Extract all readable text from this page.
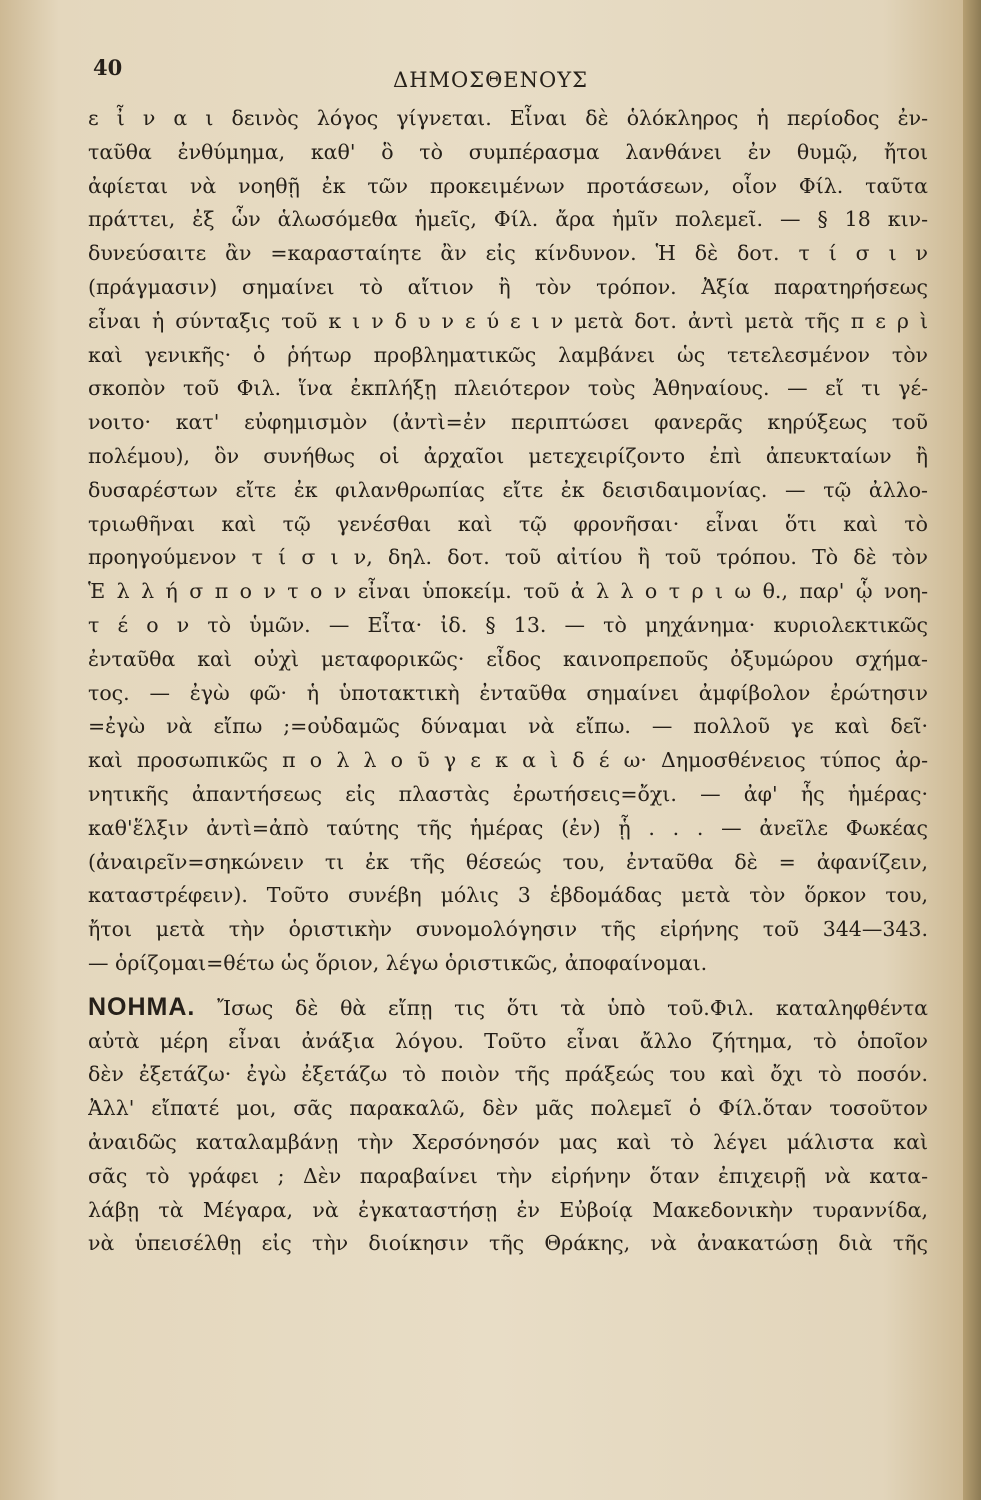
40	ΔΗΜΟΣΘΕΝΟΥΣ
ε ἶ ν α ι δεινὸς λόγος γίγνεται. Εἶναι δὲ ὁλόκληρος ἡ περίοδος ἐν-
ταῦθα ἐνθύμημα, καθ' ὃ τὸ συμπέρασμα λανθάνει ἐν θυμῷ, ἤτοι
ἀφίεται νὰ νοηθῇ ἐκ τῶν προκειμένων προτάσεων, οἷον Φίλ. ταῦτα
πράττει, ἐξ ὧν ἁλωσόμεθα ἡμεῖς, Φίλ. ἄρα ἡμῖν πολεμεῖ. — § 18 κιν-
δυνεύσαιτε ἂν =καρασταίητε ἂν εἰς κίνδυνον. Ἡ δὲ δοτ. τ ί σ ι ν
(πράγμασιν) σημαίνει τὸ αἴτιον ἢ τὸν τρόπον. Ἀξία παρατηρήσεως
εἶναι ἡ σύνταξις τοῦ κ ι ν δ υ ν ε ύ ε ι ν μετὰ δοτ. ἀντὶ μετὰ τῆς π ε ρ ὶ
καὶ γενικῆς· ὁ ῥήτωρ προβληματικῶς λαμβάνει ὡς τετελεσμένον τὸν
σκοπὸν τοῦ Φιλ. ἵνα ἐκπλήξῃ πλειότερον τοὺς Ἀθηναίους. — εἴ τι γέ-
νοιτο· κατ' εὐφημισμὸν (ἀντὶ=ἐν περιπτώσει φανερᾶς κηρύξεως τοῦ
πολέμου), ὃν συνήθως οἱ ἀρχαῖοι μετεχειρίζοντο ἐπὶ ἀπευκταίων ἢ
δυσαρέστων εἴτε ἐκ φιλανθρωπίας εἴτε ἐκ δεισιδαιμονίας. — τῷ ἀλλο-
τριωθῆναι καὶ τῷ γενέσθαι καὶ τῷ φρονῆσαι· εἶναι ὅτι καὶ τὸ
προηγούμενον τ ί σ ι ν, δηλ. δοτ. τοῦ αἰτίου ἢ τοῦ τρόπου. Τὸ δὲ τὸν
Ἑ λ λ ή σ π ο ν τ ο ν εἶναι ὑποκείμ. τοῦ ἀ λ λ ο τ ρ ι ω θ., παρ' ᾧ νοη-
τ έ ο ν τὸ ὑμῶν. — Εἶτα· ἰδ. § 13. — τὸ μηχάνημα· κυριολεκτικῶς
ἐνταῦθα καὶ οὐχὶ μεταφορικῶς· εἶδος καινοπρεποῦς ὀξυμώρου σχήμα-
τος. — ἐγὼ φῶ· ἡ ὑποτακτικὴ ἐνταῦθα σημαίνει ἀμφίβολον ἐρώτησιν
=ἐγὼ νὰ εἴπω ;=οὐδαμῶς δύναμαι νὰ εἴπω. — πολλοῦ γε καὶ δεῖ·
καὶ προσωπικῶς π ο λ λ ο ῦ γ ε κ α ὶ δ έ ω· Δημοσθένειος τύπος ἀρ-
νητικῆς ἀπαντήσεως εἰς πλαστὰς ἐρωτήσεις=ὄχι. — ἀφ' ἧς ἡμέρας·
καθ'ἕλξιν ἀντὶ=ἀπὸ ταύτης τῆς ἡμέρας (ἐν) ᾗ . . . — ἀνεῖλε Φωκέας
(ἀναιρεῖν=σηκώνειν τι ἐκ τῆς θέσεώς του, ἐνταῦθα δὲ = ἀφανίζειν,
καταστρέφειν). Τοῦτο συνέβη μόλις 3 ἑβδομάδας μετὰ τὸν ὅρκον του,
ἤτοι μετὰ τὴν ὁριστικὴν συνομολόγησιν τῆς εἰρήνης τοῦ 344—343.
— ὁρίζομαι=θέτω ὡς ὅριον, λέγω ὁριστικῶς, ἀποφαίνομαι.
ΝΟΗΜΑ. Ἴσως δὲ θὰ εἴπῃ τις ὅτι τὰ ὑπὸ τοῦ.Φιλ. καταληφθέντα
αὐτὰ μέρη εἶναι ἀνάξια λόγου. Τοῦτο εἶναι ἄλλο ζήτημα, τὸ ὁποῖον
δὲν ἐξετάζω· ἐγὼ ἐξετάζω τὸ ποιὸν τῆς πράξεώς του καὶ ὄχι τὸ ποσόν.
Ἀλλ' εἴπατέ μοι, σᾶς παρακαλῶ, δὲν μᾶς πολεμεῖ ὁ Φίλ.ὅταν τοσοῦτον
ἀναιδῶς καταλαμβάνῃ τὴν Χερσόνησόν μας καὶ τὸ λέγει μάλιστα καὶ
σᾶς τὸ γράφει ; Δὲν παραβαίνει τὴν εἰρήνην ὅταν ἐπιχειρῇ νὰ κατα-
λάβῃ τὰ Μέγαρα, νὰ ἐγκαταστήσῃ ἐν Εὐβοίᾳ Μακεδονικὴν τυραννίδα,
νὰ ὑπεισέλθῃ εἰς τὴν διοίκησιν τῆς Θράκης, νὰ ἀνακατώσῃ διὰ τῆς
